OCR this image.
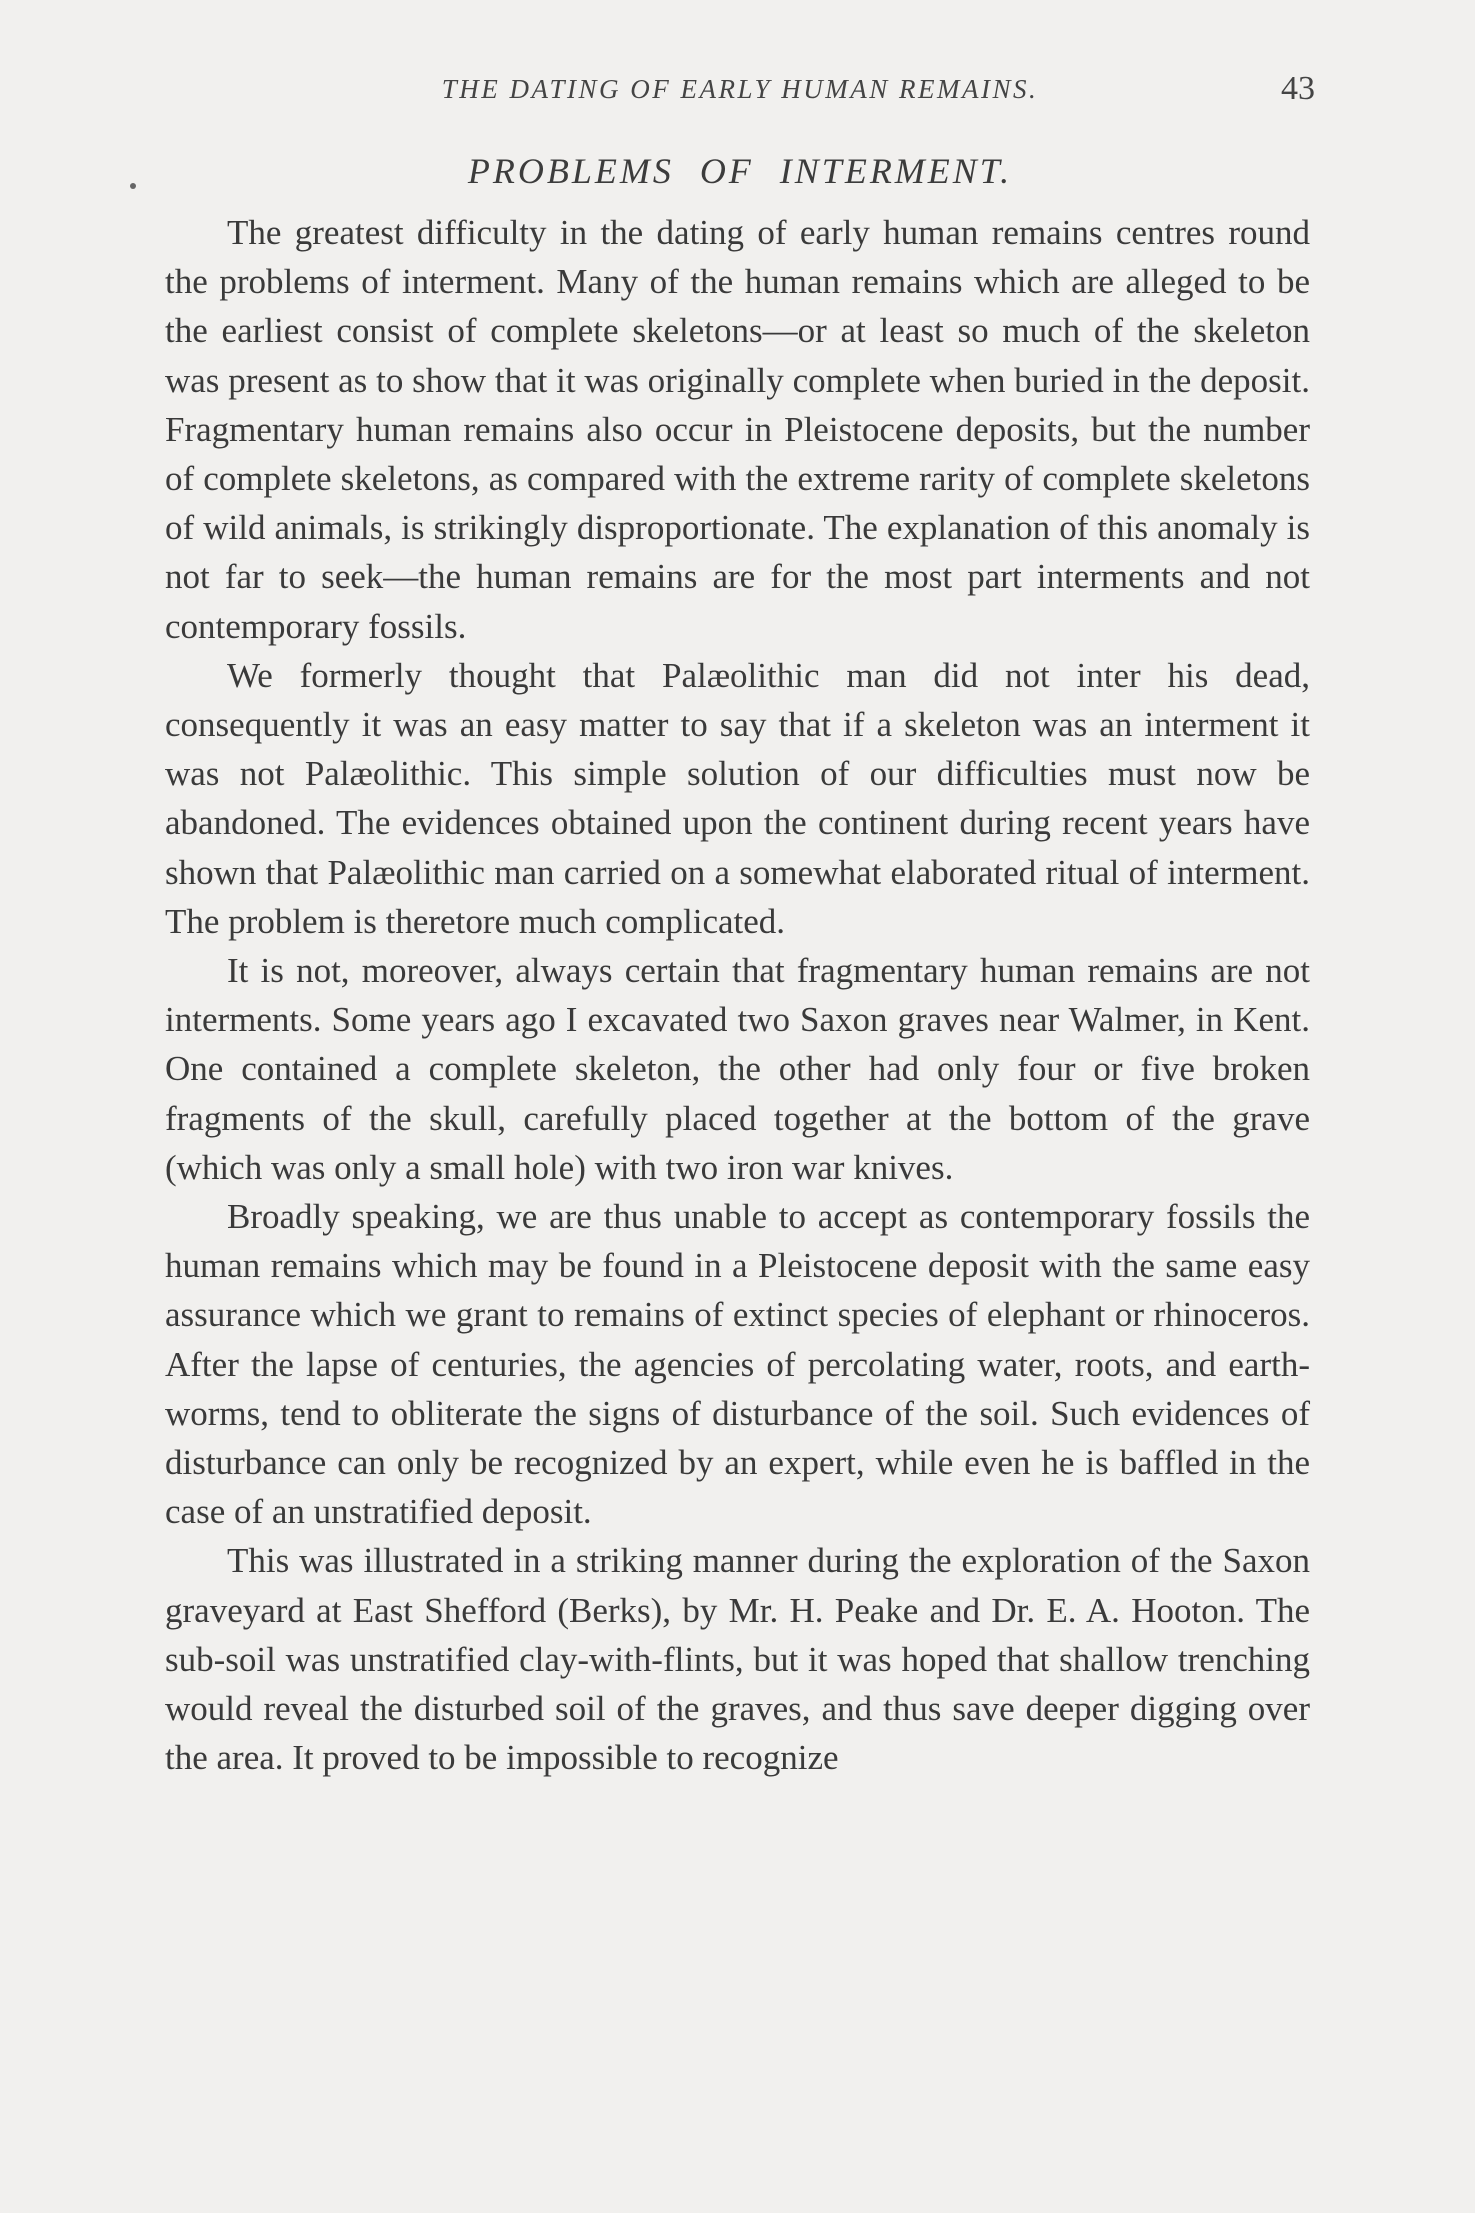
THE DATING OF EARLY HUMAN REMAINS.	43
PROBLEMS OF INTERMENT.

The greatest difficulty in the dating of early human remains centres round the problems of interment. Many of the human remains which are alleged to be the earliest consist of complete skeletons—or at least so much of the skeleton was present as to show that it was originally complete when buried in the deposit. Fragmentary human remains also occur in Pleistocene deposits, but the number of complete skeletons, as compared with the extreme rarity of complete skeletons of wild animals, is strikingly disproportionate. The explanation of this anomaly is not far to seek—the human remains are for the most part interments and not contemporary fossils.

We formerly thought that Palæolithic man did not inter his dead, consequently it was an easy matter to say that if a skeleton was an interment it was not Palæolithic. This simple solution of our difficulties must now be abandoned. The evidences obtained upon the continent during recent years have shown that Palæolithic man carried on a somewhat elaborated ritual of interment. The problem is theretore much complicated.

It is not, moreover, always certain that fragmentary human remains are not interments. Some years ago I excavated two Saxon graves near Walmer, in Kent. One contained a complete skeleton, the other had only four or five broken fragments of the skull, carefully placed together at the bottom of the grave (which was only a small hole) with two iron war knives.

Broadly speaking, we are thus unable to accept as contemporary fossils the human remains which may be found in a Pleistocene deposit with the same easy assurance which we grant to remains of extinct species of elephant or rhinoceros. After the lapse of centuries, the agencies of percolating water, roots, and earth-worms, tend to obliterate the signs of disturbance of the soil. Such evidences of disturbance can only be recognized by an expert, while even he is baffled in the case of an unstratified deposit.

This was illustrated in a striking manner during the exploration of the Saxon graveyard at East Shefford (Berks), by Mr. H. Peake and Dr. E. A. Hooton. The sub-soil was unstratified clay-with-flints, but it was hoped that shallow trenching would reveal the disturbed soil of the graves, and thus save deeper digging over the area. It proved to be impossible to recognize
